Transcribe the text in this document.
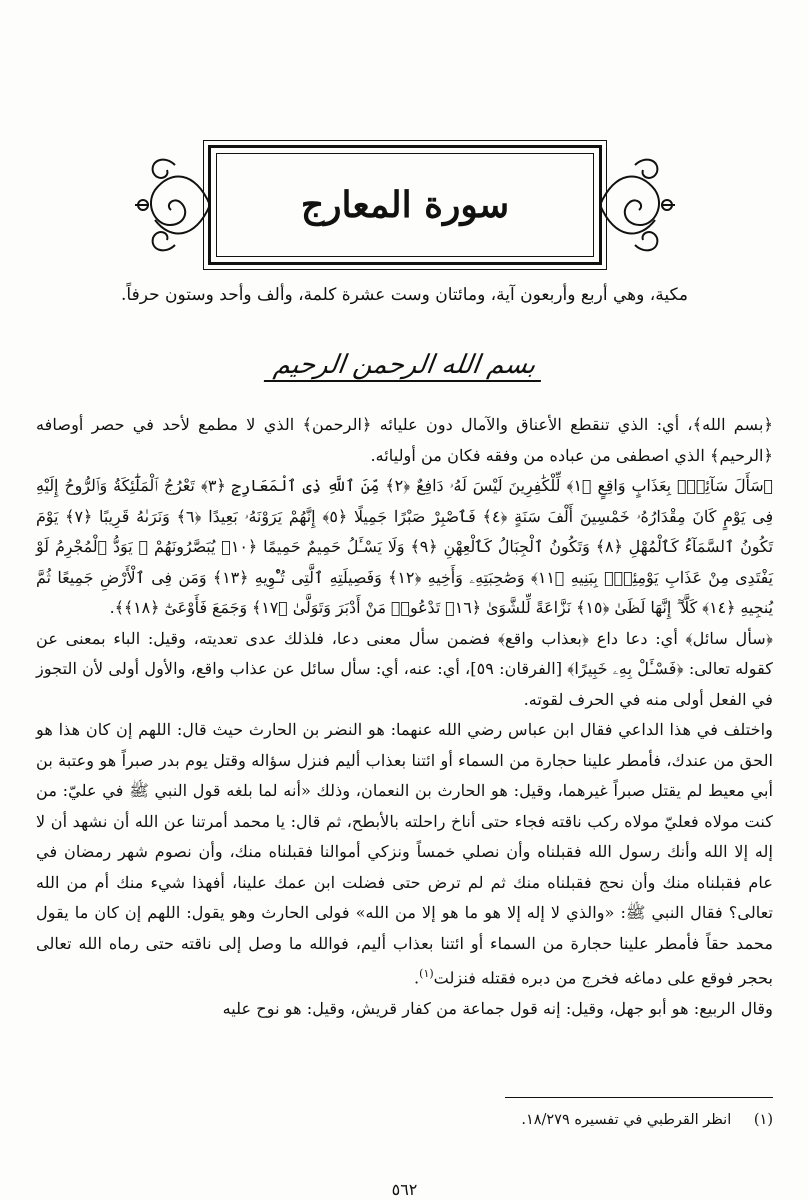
سورة المعارج
مكية، وهي أربع وأربعون آية، ومائتان وست عشرة كلمة، وألف وأحد وستون حرفاً.
بسم الله الرحمن الرحيم

﴿بسم الله﴾، أي: الذي تنقطع الأعناق والآمال دون عليائه ﴿الرحمن﴾ الذي لا مطمع لأحد في حصر أوصافه ﴿الرحيم﴾ الذي اصطفى من عباده من وفقه فكان من أوليائه.

﴿سَأَلَ سَآئِلٌۢ بِعَذَابٍ وَاقِعٍ ﴿١﴾ لِّلْكَٰفِرِينَ لَيْسَ لَهُۥ دَافِعٌ ﴿٢﴾ مِّنَ ٱللَّهِ ذِى ٱلْمَعَارِجِ ﴿٣﴾ تَعْرُجُ ٱلْمَلَٰٓئِكَةُ وَٱلرُّوحُ إِلَيْهِ فِى يَوْمٍ كَانَ مِقْدَارُهُۥ خَمْسِينَ أَلْفَ سَنَةٍ ﴿٤﴾ فَٱصْبِرْ صَبْرًا جَمِيلًا ﴿٥﴾ إِنَّهُمْ يَرَوْنَهُۥ بَعِيدًا ﴿٦﴾ وَنَرَىٰهُ قَرِيبًا ﴿٧﴾ يَوْمَ تَكُونُ ٱلسَّمَآءُ كَٱلْمُهْلِ ﴿٨﴾ وَتَكُونُ ٱلْجِبَالُ كَٱلْعِهْنِ ﴿٩﴾ وَلَا يَسْـَٔلُ حَمِيمٌ حَمِيمًا ﴿١٠﴾ يُبَصَّرُونَهُمْ ۚ يَوَدُّ ٱلْمُجْرِمُ لَوْ يَفْتَدِى مِنْ عَذَابِ يَوْمِئِذٍۭ بِبَنِيهِ ﴿١١﴾ وَصَٰحِبَتِهِۦ وَأَخِيهِ ﴿١٢﴾ وَفَصِيلَتِهِ ٱلَّتِى تُـْٔوِيهِ ﴿١٣﴾ وَمَن فِى ٱلْأَرْضِ جَمِيعًا ثُمَّ يُنجِيهِ ﴿١٤﴾ كَلَّآ ۖ إِنَّهَا لَظَىٰ ﴿١٥﴾ نَزَّاعَةً لِّلشَّوَىٰ ﴿١٦﴾ تَدْعُوا۟ مَنْ أَدْبَرَ وَتَوَلَّىٰ ﴿١٧﴾ وَجَمَعَ فَأَوْعَىٰٓ ﴿١٨﴾﴾.

﴿سأل سائل﴾ أي: دعا داع ﴿بعذاب واقع﴾ فضمن سأل معنى دعا، فلذلك عدى تعديته، وقيل: الباء بمعنى عن كقوله تعالى: ﴿فَسْـَٔلْ بِهِۦ خَبِيرًا﴾ [الفرقان: ٥٩]، أي: عنه، أي: سأل سائل عن عذاب واقع، والأول أولى لأن التجوز في الفعل أولى منه في الحرف لقوته.

واختلف في هذا الداعي فقال ابن عباس رضي الله عنهما: هو النضر بن الحارث حيث قال: اللهم إن كان هذا هو الحق من عندك، فأمطر علينا حجارة من السماء أو ائتنا بعذاب أليم فنزل سؤاله وقتل يوم بدر صبراً هو وعتبة بن أبي معيط لم يقتل صبراً غيرهما، وقيل: هو الحارث بن النعمان، وذلك «أنه لما بلغه قول النبي ﷺ في عليّ: من كنت مولاه فعليّ مولاه ركب ناقته فجاء حتى أناخ راحلته بالأبطح، ثم قال: يا محمد أمرتنا عن الله أن نشهد أن لا إله إلا الله وأنك رسول الله فقبلناه وأن نصلي خمساً ونزكي أموالنا فقبلناه منك، وأن نصوم شهر رمضان في عام فقبلناه منك وأن نحج فقبلناه منك ثم لم ترض حتى فضلت ابن عمك علينا، أفهذا شيء منك أم من الله تعالى؟ فقال النبي ﷺ: «والذي لا إله إلا هو ما هو إلا من الله» فولى الحارث وهو يقول: اللهم إن كان ما يقول محمد حقاً فأمطر علينا حجارة من السماء أو ائتنا بعذاب أليم، فوالله ما وصل إلى ناقته حتى رماه الله تعالى بحجر فوقع على دماغه فخرج من دبره فقتله فنزلت$^{(١)}$.

وقال الربيع: هو أبو جهل، وقيل: إنه قول جماعة من كفار قريش، وقيل: هو نوح عليه

(١) انظر القرطبي في تفسيره ١٨/٢٧٩.
٥٦٢
